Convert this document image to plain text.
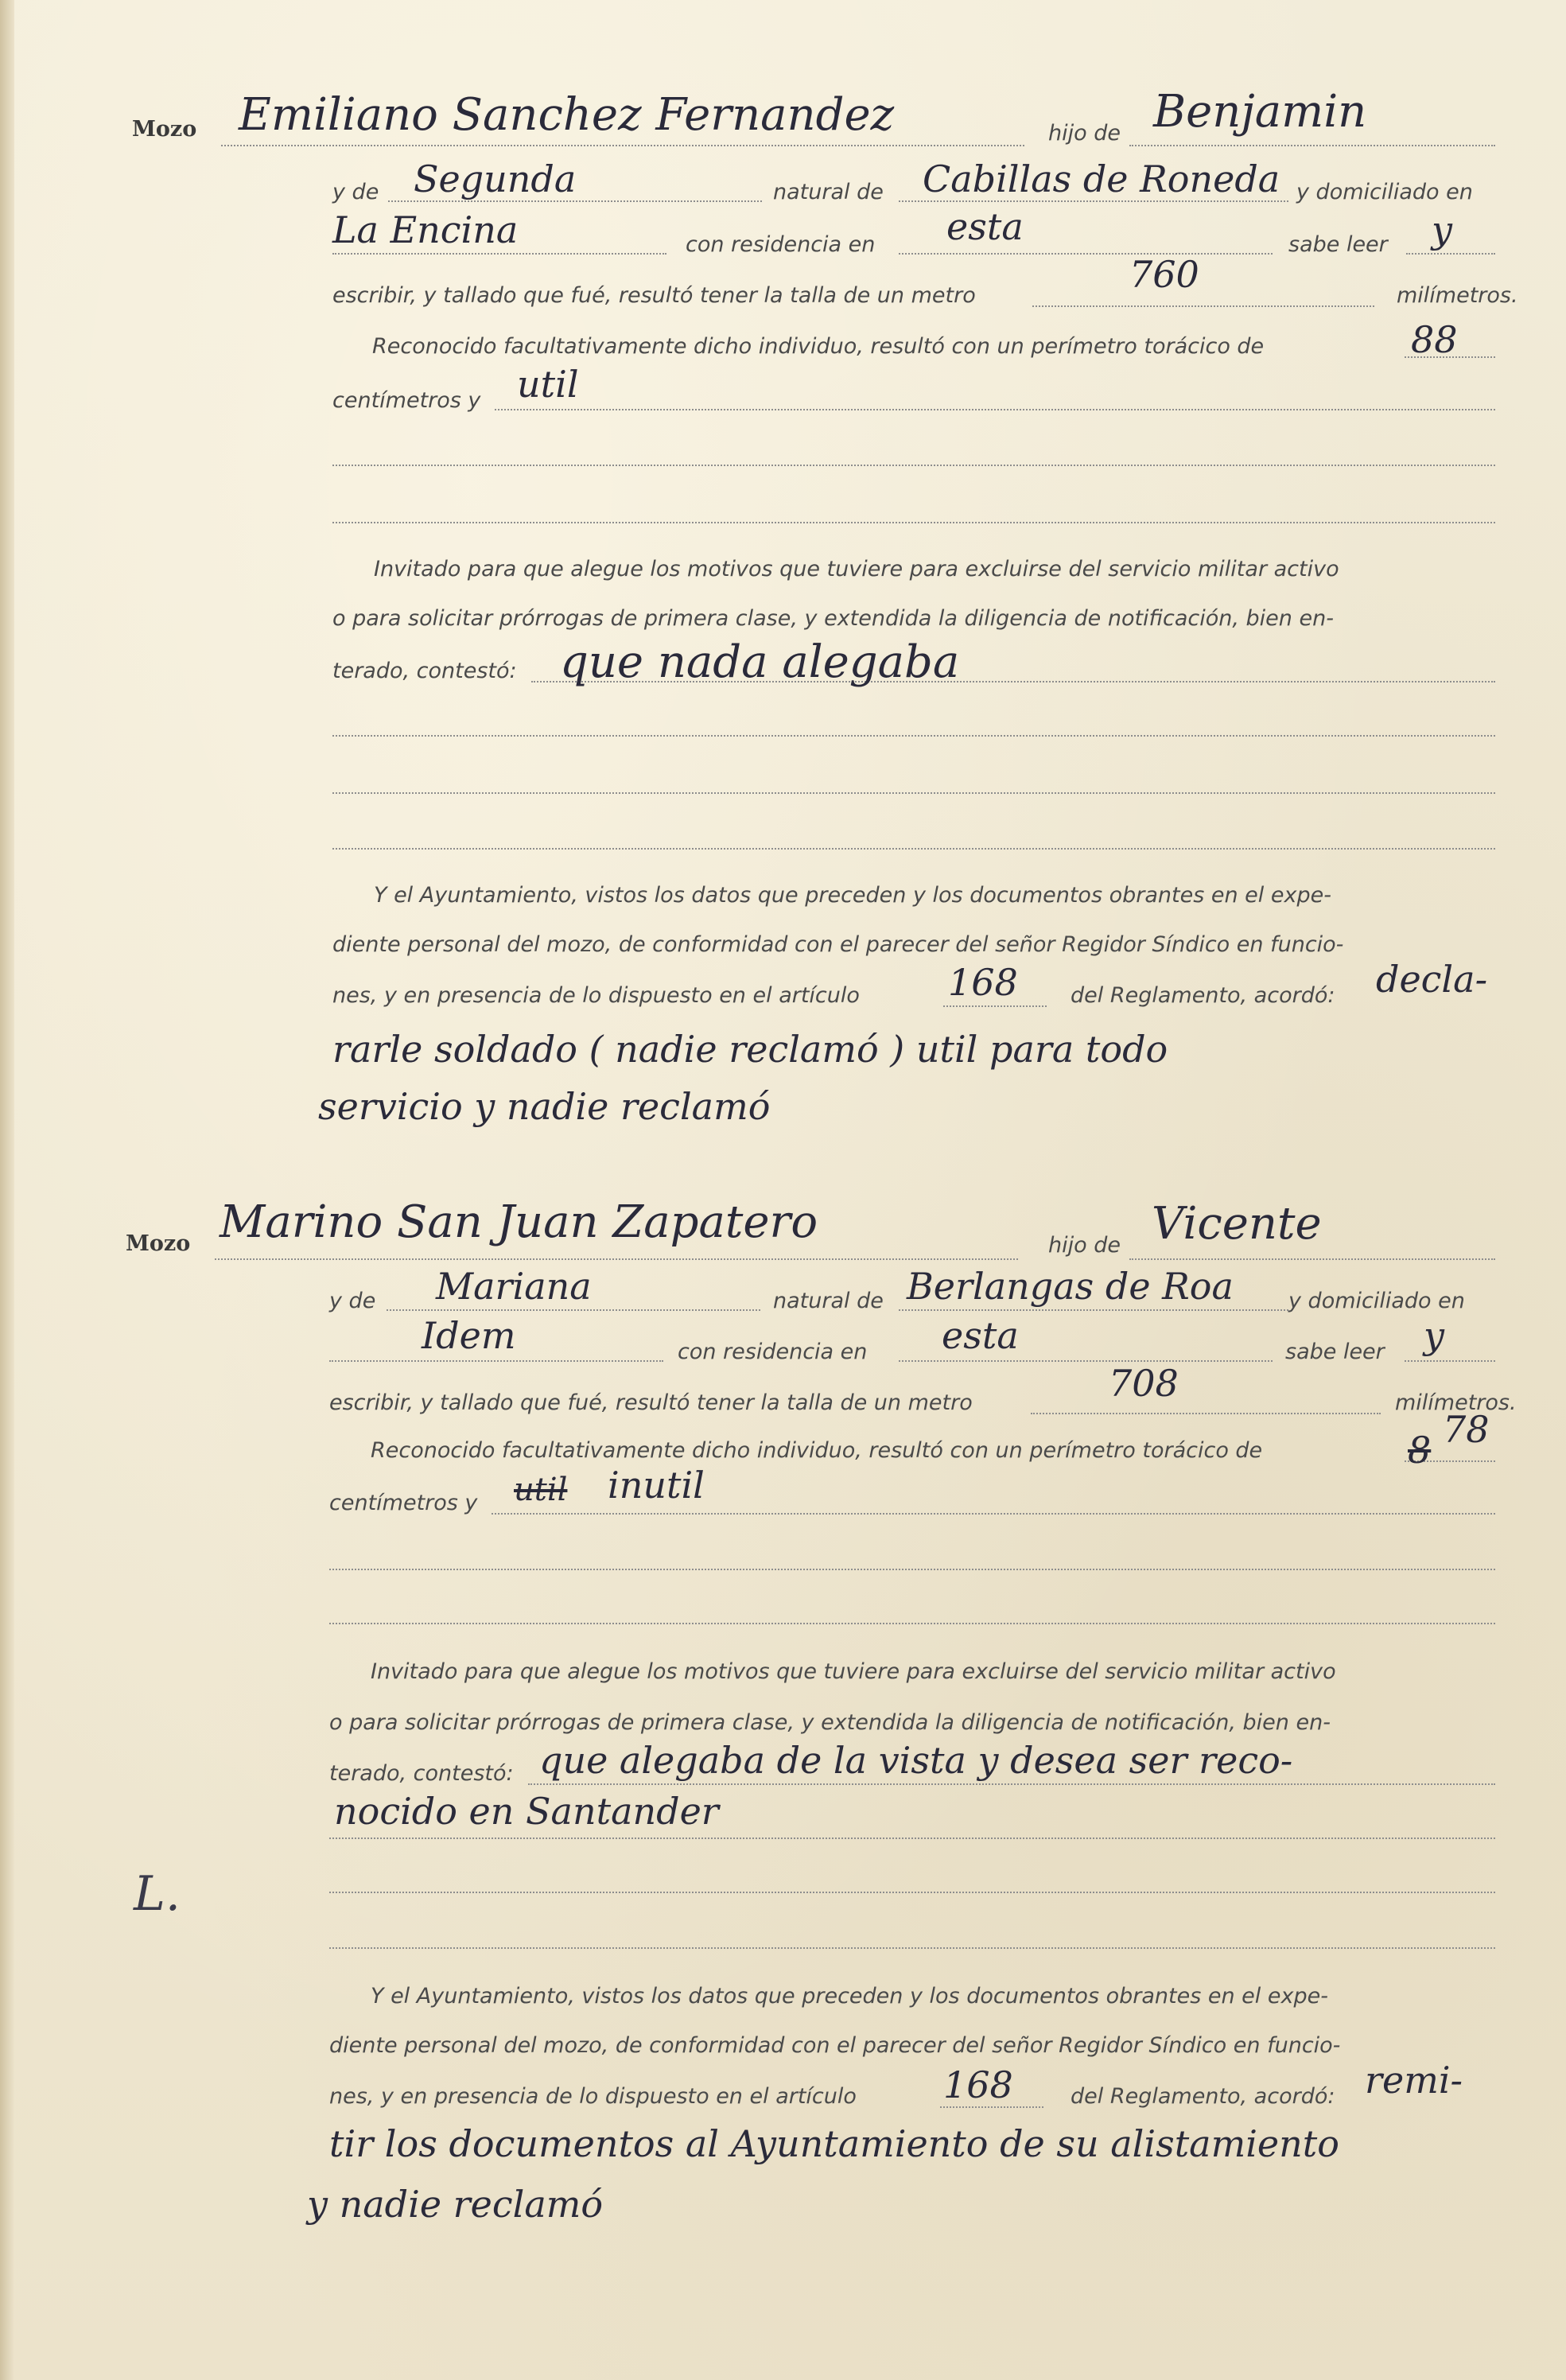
Mozo Emiliano Sanchez Fernandez	hijo de Benjamin
y de Segunda	natural de Cabillas de Roneda y domiciliado en
La Encina	con residencia en esta	sabe leer y
escribir, y tallado que fué, resultó tener la talla de un metro	760	milímetros.
Reconocido facultativamente dicho individuo, resultó con un perímetro torácico de	88
centímetros y util
Invitado para que alegue los motivos que tuviere para excluirse del servicio militar activo
o para solicitar prórrogas de primera clase, y extendida la diligencia de notificación, bien en-
terado, contestó: que nada alegaba
Y el Ayuntamiento, vistos los datos que preceden y los documentos obrantes en el expe-
diente personal del mozo, de conformidad con el parecer del señor Regidor Síndico en funcio-
nes, y en presencia de lo dispuesto en el artículo 168 del Reglamento, acordó: decla-
rarle soldado ( nadie reclamó ) util para todo
servicio y nadie reclamó
Mozo Marino San Juan Zapatero	hijo de Vicente
y de Mariana	natural de Berlangas de Roa	y domiciliado en
Idem	con residencia en esta	sabe leer y
escribir, y tallado que fué, resultó tener la talla de un metro	708	milímetros.
Reconocido facultativamente dicho individuo, resultó con un perímetro torácico de	8 78
centímetros y util inutil
Invitado para que alegue los motivos que tuviere para excluirse del servicio militar activo
o para solicitar prórrogas de primera clase, y extendida la diligencia de notificación, bien en-
terado, contestó: que alegaba de la vista y desea ser reco-
nocido en Santander
L.
Y el Ayuntamiento, vistos los datos que preceden y los documentos obrantes en el expe-
diente personal del mozo, de conformidad con el parecer del señor Regidor Síndico en funcio-
nes, y en presencia de lo dispuesto en el artículo 168	del Reglamento, acordó: remi-
tir los documentos al Ayuntamiento de su alistamiento
y nadie reclamó
